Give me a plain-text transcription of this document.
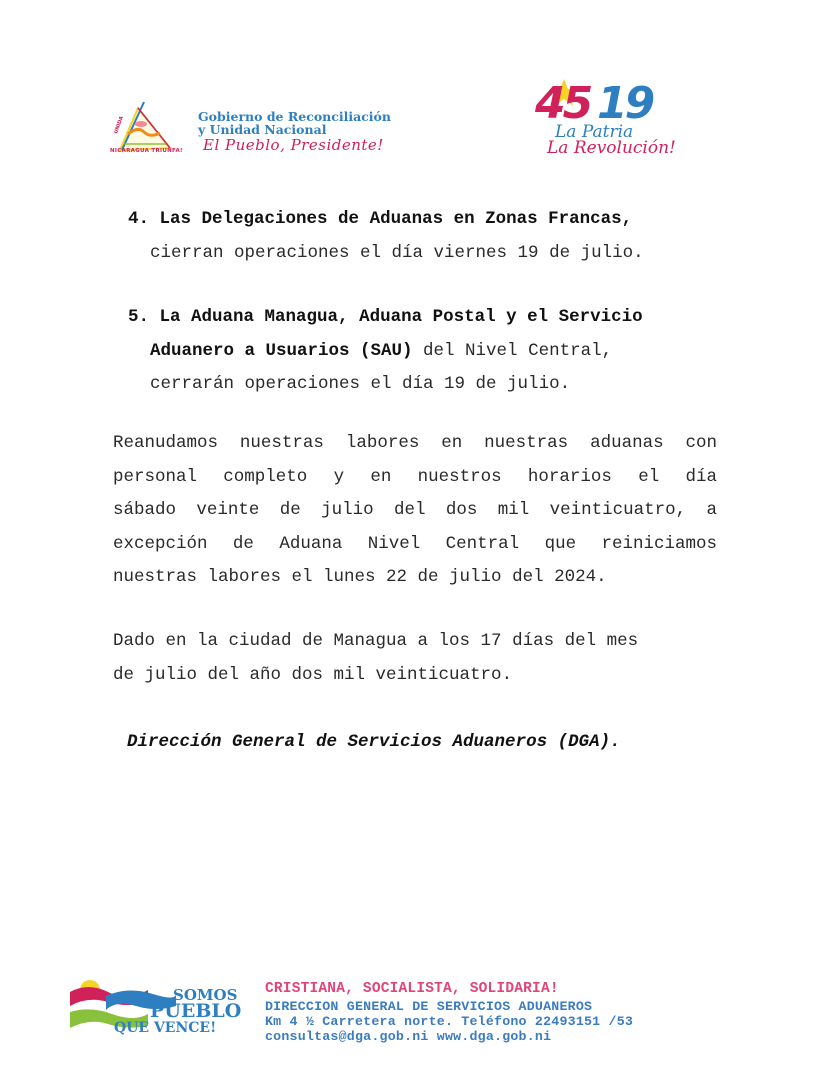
NICARAGUA TRIUNFA!
UNIDA	Gobierno de Reconciliación
y Unidad Nacional
El Pueblo, Presidente!
45 19
La Patria
La Revolución!
4. Las Delegaciones de Aduanas en Zonas Francas,
cierran operaciones el día viernes 19 de julio.
5. La Aduana Managua, Aduana Postal y el Servicio
Aduanero a Usuarios (SAU) del Nivel Central,
cerrarán operaciones el día 19 de julio.
Reanudamos nuestras labores en nuestras aduanas con
personal completo y en nuestros horarios el día
sábado veinte de julio del dos mil veinticuatro, a
excepción de Aduana Nivel Central que reiniciamos
nuestras labores el lunes 22 de julio del 2024.
Dado en la ciudad de Managua a los 17 días del mes
de julio del año dos mil veinticuatro.
Dirección General de Servicios Aduaneros (DGA).
SOMOS
PUEBLO
QUE VENCE!
CRISTIANA, SOCIALISTA, SOLIDARIA!
DIRECCION GENERAL DE SERVICIOS ADUANEROS
Km 4 ½ Carretera norte. Teléfono 22493151 /53
consultas@dga.gob.ni www.dga.gob.ni
